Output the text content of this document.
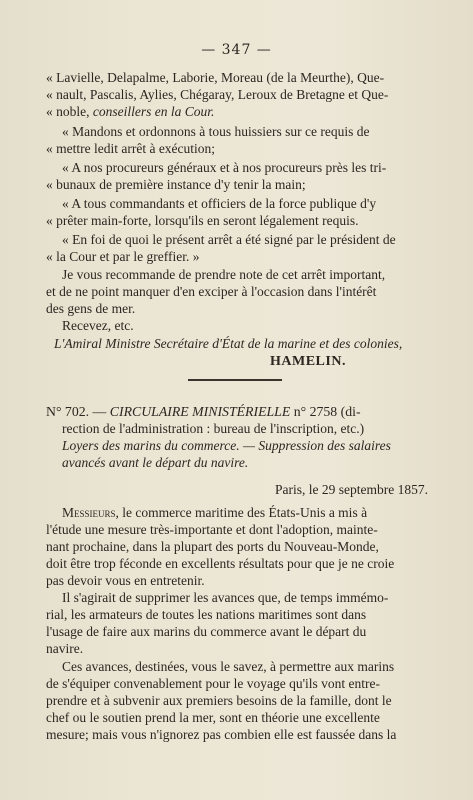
— 347 —
« Lavielle, Delapalme, Laborie, Moreau (de la Meurthe), Que-
« nault, Pascalis, Aylies, Chégaray, Leroux de Bretagne et Que-
« noble, conseillers en la Cour.
« Mandons et ordonnons à tous huissiers sur ce requis de
« mettre ledit arrêt à exécution;
« A nos procureurs généraux et à nos procureurs près les tri-
« bunaux de première instance d'y tenir la main;
« A tous commandants et officiers de la force publique d'y
« prêter main-forte, lorsqu'ils en seront légalement requis.
« En foi de quoi le présent arrêt a été signé par le président de
« la Cour et par le greffier. »
Je vous recommande de prendre note de cet arrêt important,
et de ne point manquer d'en exciper à l'occasion dans l'intérêt
des gens de mer.
Recevez, etc.
L'Amiral Ministre Secrétaire d'État de la marine et des colonies,
HAMELIN.
N° 702. — CIRCULAIRE MINISTÉRIELLE n° 2758 (di-
rection de l'administration : bureau de l'inscription, etc.)
Loyers des marins du commerce. — Suppression des salaires
avancés avant le départ du navire.
Paris, le 29 septembre 1857.
Messieurs, le commerce maritime des États-Unis a mis à
l'étude une mesure très-importante et dont l'adoption, mainte-
nant prochaine, dans la plupart des ports du Nouveau-Monde,
doit être trop féconde en excellents résultats pour que je ne croie
pas devoir vous en entretenir.
Il s'agirait de supprimer les avances que, de temps immémo-
rial, les armateurs de toutes les nations maritimes sont dans
l'usage de faire aux marins du commerce avant le départ du
navire.
Ces avances, destinées, vous le savez, à permettre aux marins
de s'équiper convenablement pour le voyage qu'ils vont entre-
prendre et à subvenir aux premiers besoins de la famille, dont le
chef ou le soutien prend la mer, sont en théorie une excellente
mesure; mais vous n'ignorez pas combien elle est faussée dans la
